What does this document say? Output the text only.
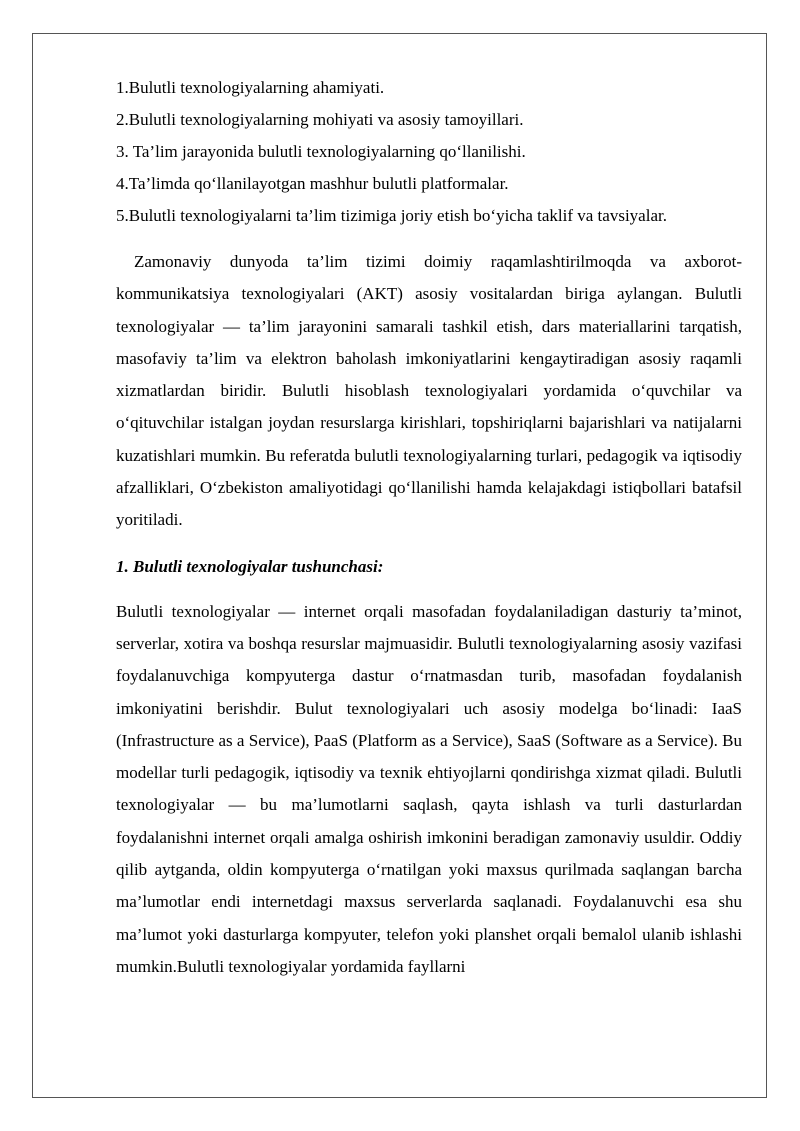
1.Bulutli texnologiyalarning ahamiyati.
2.Bulutli texnologiyalarning mohiyati va asosiy tamoyillari.
3. Ta’lim jarayonida bulutli texnologiyalarning qo‘llanilishi.
4.Ta’limda qo‘llanilayotgan mashhur bulutli platformalar.
5.Bulutli texnologiyalarni ta’lim tizimiga joriy etish bo‘yicha taklif va tavsiyalar.

Zamonaviy dunyoda ta’lim tizimi doimiy raqamlashtirilmoqda va axborot-kommunikatsiya texnologiyalari (AKT) asosiy vositalardan biriga aylangan. Bulutli texnologiyalar — ta’lim jarayonini samarali tashkil etish, dars materiallarini tarqatish, masofaviy ta’lim va elektron baholash imkoniyatlarini kengaytiradigan asosiy raqamli xizmatlardan biridir. Bulutli hisoblash texnologiyalari yordamida o‘quvchilar va o‘qituvchilar istalgan joydan resurslarga kirishlari, topshiriqlarni bajarishlari va natijalarni kuzatishlari mumkin. Bu referatda bulutli texnologiyalarning turlari, pedagogik va iqtisodiy afzalliklari, O‘zbekiston amaliyotidagi qo‘llanilishi hamda kelajakdagi istiqbollari batafsil yoritiladi.

1. Bulutli texnologiyalar tushunchasi:

Bulutli texnologiyalar — internet orqali masofadan foydalaniladigan dasturiy ta’minot, serverlar, xotira va boshqa resurslar majmuasidir. Bulutli texnologiyalarning asosiy vazifasi foydalanuvchiga kompyuterga dastur o‘rnatmasdan turib, masofadan foydalanish imkoniyatini berishdir. Bulut texnologiyalari uch asosiy modelga bo‘linadi: IaaS (Infrastructure as a Service), PaaS (Platform as a Service), SaaS (Software as a Service). Bu modellar turli pedagogik, iqtisodiy va texnik ehtiyojlarni qondirishga xizmat qiladi. Bulutli texnologiyalar — bu ma’lumotlarni saqlash, qayta ishlash va turli dasturlardan foydalanishni internet orqali amalga oshirish imkonini beradigan zamonaviy usuldir. Oddiy qilib aytganda, oldin kompyuterga o‘rnatilgan yoki maxsus qurilmada saqlangan barcha ma’lumotlar endi internetdagi maxsus serverlarda saqlanadi. Foydalanuvchi esa shu ma’lumot yoki dasturlarga kompyuter, telefon yoki planshet orqali bemalol ulanib ishlashi mumkin.Bulutli texnologiyalar yordamida fayllarni
